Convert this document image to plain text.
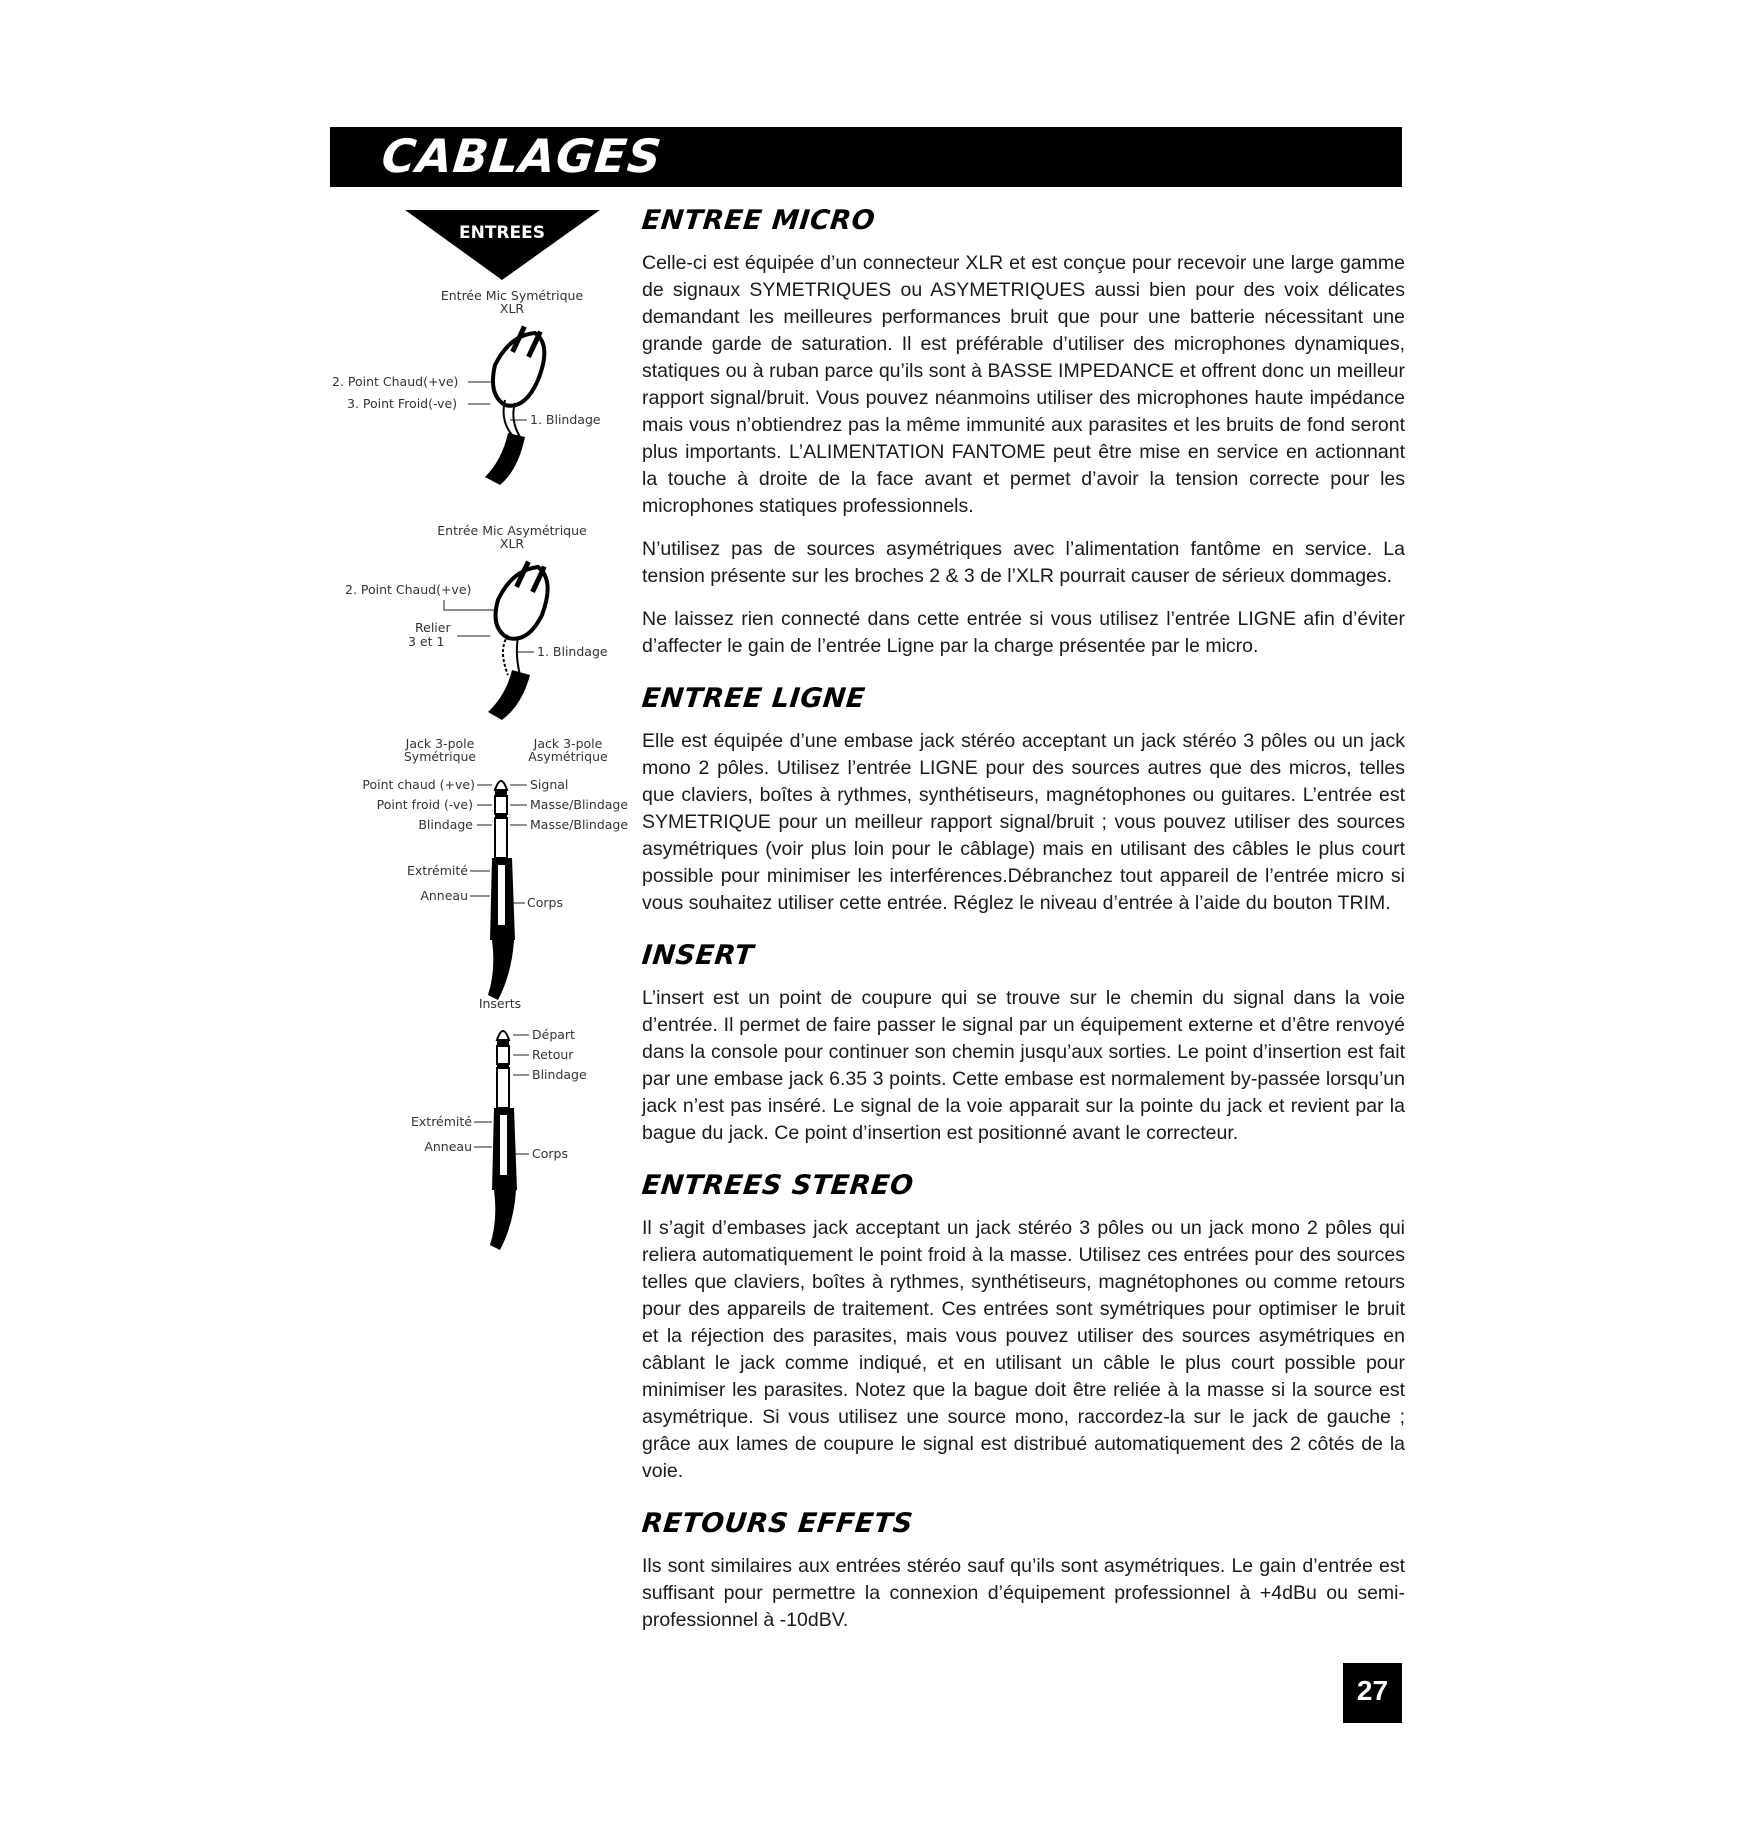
CABLAGES
ENTREES
Entrée Mic Symétrique
XLR
2. Point Chaud(+ve)
3. Point Froid(-ve)
1. Blindage
Entrée Mic Asymétrique
XLR
2. Point Chaud(+ve)
Relier
3 et 1
1. Blindage
Jack 3-pole
Symétrique
Jack 3-pole
Asymétrique
Point chaud (+ve)
Point froid (-ve)
Blindage
Signal
Masse/Blindage
Masse/Blindage
Extrémité
Anneau	Corps
Inserts
Départ
Retour
Blindage
Extrémité
Anneau	Corps
ENTREE MICRO

Celle-ci est équipée d’un connecteur XLR et est conçue pour recevoir une large gamme de signaux SYMETRIQUES ou ASYMETRIQUES aussi bien pour des voix délicates demandant les meilleures performances bruit que pour une batterie nécessitant une grande garde de saturation. Il est préférable d’utiliser des microphones dynamiques, statiques ou à ruban parce qu’ils sont à BASSE IMPEDANCE et offrent donc un meilleur rapport signal/bruit. Vous pouvez néanmoins utiliser des microphones haute impédance mais vous n’obtiendrez pas la même immunité aux parasites et les bruits de fond seront plus importants. L’ALIMENTATION FANTOME peut être mise en service en actionnant la touche à droite de la face avant et permet d’avoir la tension correcte pour les microphones statiques professionnels.

N’utilisez pas de sources asymétriques avec l’alimentation fantôme en service. La tension présente sur les broches 2 & 3 de l’XLR pourrait causer de sérieux dommages.

Ne laissez rien connecté dans cette entrée si vous utilisez l’entrée LIGNE afin d’éviter d’affecter le gain de l’entrée Ligne par la charge présentée par le micro.

ENTREE LIGNE

Elle est équipée d’une embase jack stéréo acceptant un jack stéréo 3 pôles ou un jack mono 2 pôles. Utilisez l’entrée LIGNE pour des sources autres que des micros, telles que claviers, boîtes à rythmes, synthétiseurs, magnétophones ou guitares. L’entrée est SYMETRIQUE pour un meilleur rapport signal/bruit ; vous pouvez utiliser des sources asymétriques (voir plus loin pour le câblage) mais en utilisant des câbles le plus court possible pour minimiser les interférences.Débranchez tout appareil de l’entrée micro si vous souhaitez utiliser cette entrée. Réglez le niveau d’entrée à l’aide du bouton TRIM.

INSERT

L’insert est un point de coupure qui se trouve sur le chemin du signal dans la voie d’entrée. Il permet de faire passer le signal par un équipement externe et d’être renvoyé dans la console pour continuer son chemin jusqu’aux sorties. Le point d’insertion est fait par une embase jack 6.35 3 points. Cette embase est normalement by-passée lorsqu’un jack n’est pas inséré. Le signal de la voie apparait sur la pointe du jack et revient par la bague du jack. Ce point d’insertion est positionné avant le correcteur.

ENTREES STEREO

Il s’agit d’embases jack acceptant un jack stéréo 3 pôles ou un jack mono 2 pôles qui reliera automatiquement le point froid à la masse. Utilisez ces entrées pour des sources telles que claviers, boîtes à rythmes, synthétiseurs, magnétophones ou comme retours pour des appareils de traitement. Ces entrées sont symétriques pour optimiser le bruit et la réjection des parasites, mais vous pouvez utiliser des sources asymétriques en câblant le jack comme indiqué, et en utilisant un câble le plus court possible pour minimiser les parasites. Notez que la bague doit être reliée à la masse si la source est asymétrique. Si vous utilisez une source mono, raccordez-la sur le jack de gauche ; grâce aux lames de coupure le signal est distribué automatiquement des 2 côtés de la voie.

RETOURS EFFETS

Ils sont similaires aux entrées stéréo sauf qu’ils sont asymétriques. Le gain d’entrée est suffisant pour permettre la connexion d’équipement professionnel à +4dBu ou semi-professionnel à -10dBV.

27
